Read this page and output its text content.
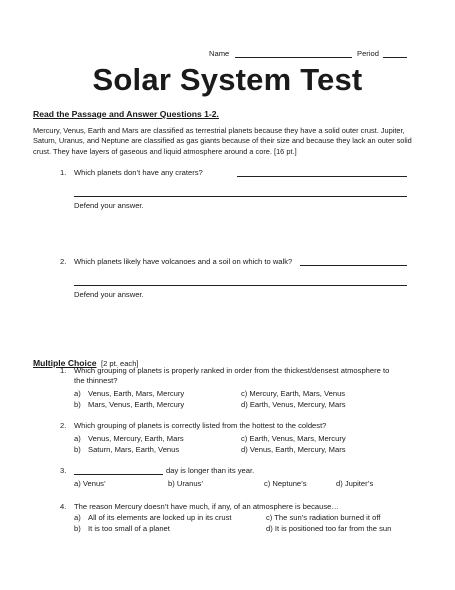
Name	Period
Solar System Test
Read the Passage and Answer Questions 1-2.
Mercury, Venus, Earth and Mars are classified as terrestrial planets because they have a solid outer crust. Jupiter, Saturn, Uranus, and Neptune are classified as gas giants because of their size and because they lack an outer solid crust. They have layers of gaseous and liquid atmosphere around a core. [16 pt.]
1. Which planets don’t have any craters?
Defend your answer.
2. Which planets likely have volcanoes and a soil on which to walk?
Defend your answer.
Multiple Choice [2 pt. each]
1. Which grouping of planets is properly ranked in order from the thickest/densest atmosphere to
the thinnest?
a) Venus, Earth, Mars, Mercury	c) Mercury, Earth, Mars, Venus
b) Mars, Venus, Earth, Mercury	d) Earth, Venus, Mercury, Mars
2. Which grouping of planets is correctly listed from the hottest to the coldest?
a) Venus, Mercury, Earth, Mars	c) Earth, Venus, Mars, Mercury
b) Saturn, Mars, Earth, Venus	d) Venus, Earth, Mercury, Mars
3.	day is longer than its year.
a) Venus’	b) Uranus’	c) Neptune’s	d) Jupiter’s
4. The reason Mercury doesn’t have much, if any, of an atmosphere is because…
a) All of its elements are locked up in its crust	c) The sun’s radiation burned it off
b) It is too small of a planet	d) It is positioned too far from the sun
